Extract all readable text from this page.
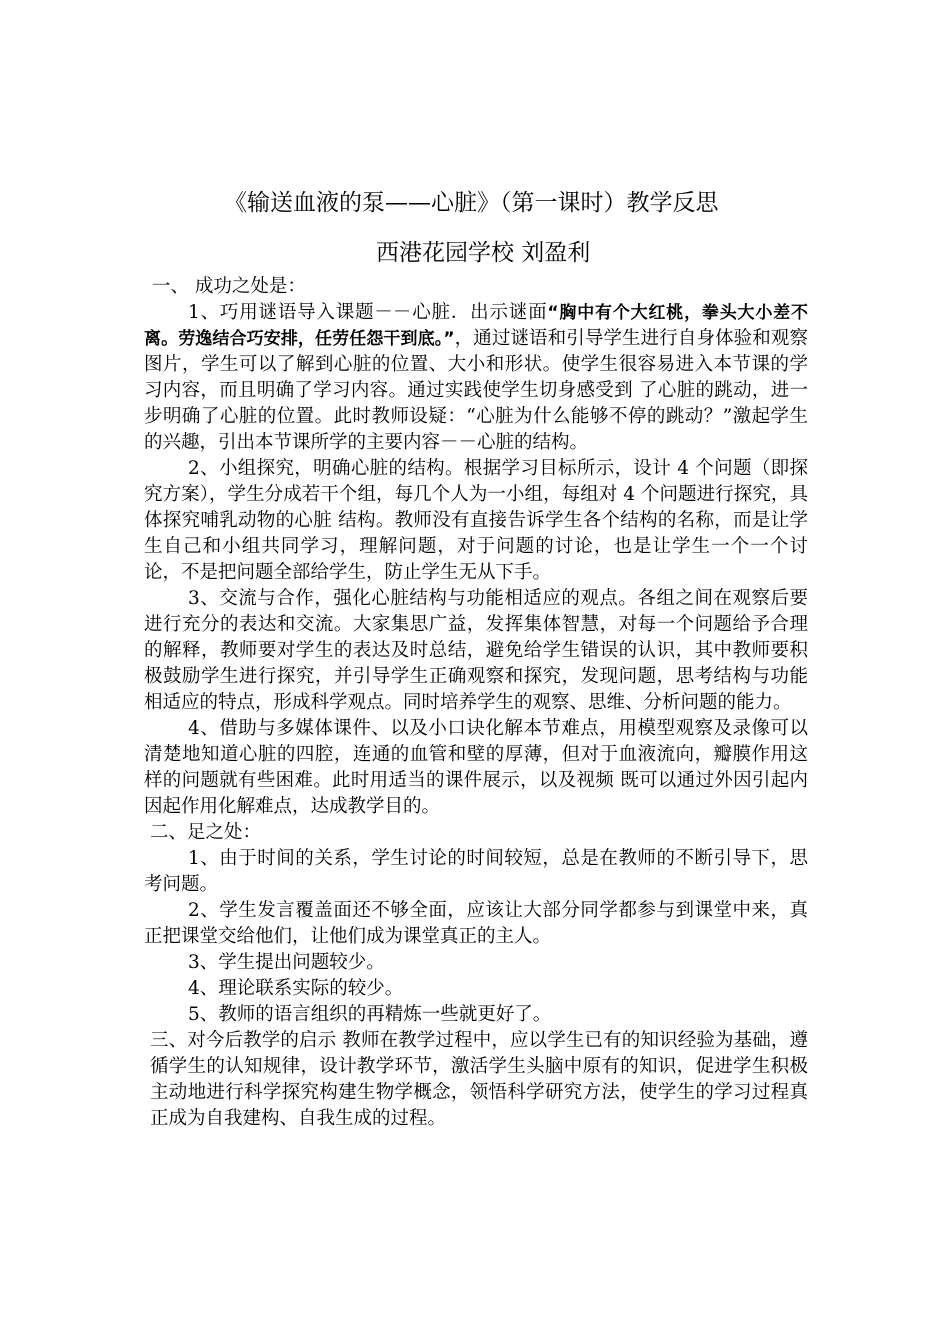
《输送血液的泵——心脏》（第一课时）教学反思
西港花园学校 刘盈利

一、 成功之处是：

1、巧用谜语导入课题－－心脏．出示谜面“胸中有个大红桃，拳头大小差不离。劳逸结合巧安排，任劳任怨干到底。”，通过谜语和引导学生进行自身体验和观察图片，学生可以了解到心脏的位置、大小和形状。使学生很容易进入本节课的学习内容，而且明确了学习内容。通过实践使学生切身感受到 了心脏的跳动，进一步明确了心脏的位置。此时教师设疑：“心脏为什么能够不停的跳动？”激起学生的兴趣，引出本节课所学的主要内容－－心脏的结构。

2、小组探究，明确心脏的结构。根据学习目标所示，设计 4 个问题（即探究方案），学生分成若干个组，每几个人为一小组，每组对 4 个问题进行探究，具体探究哺乳动物的心脏 结构。教师没有直接告诉学生各个结构的名称，而是让学生自己和小组共同学习，理解问题，对于问题的讨论，也是让学生一个一个讨论，不是把问题全部给学生，防止学生无从下手。

3、交流与合作，强化心脏结构与功能相适应的观点。各组之间在观察后要进行充分的表达和交流。大家集思广益，发挥集体智慧，对每一个问题给予合理的解释，教师要对学生的表达及时总结，避免给学生错误的认识，其中教师要积极鼓励学生进行探究，并引导学生正确观察和探究，发现问题，思考结构与功能相适应的特点，形成科学观点。同时培养学生的观察、思维、分析问题的能力。

4、借助与多媒体课件、以及小口诀化解本节难点，用模型观察及录像可以清楚地知道心脏的四腔，连通的血管和壁的厚薄，但对于血液流向，瓣膜作用这样的问题就有些困难。此时用适当的课件展示，以及视频 既可以通过外因引起内因起作用化解难点，达成教学目的。

二、足之处：

1、由于时间的关系，学生讨论的时间较短，总是在教师的不断引导下，思考问题。

2、学生发言覆盖面还不够全面，应该让大部分同学都参与到课堂中来，真正把课堂交给他们，让他们成为课堂真正的主人。

3、学生提出问题较少。

4、理论联系实际的较少。

5、教师的语言组织的再精炼一些就更好了。

三、对今后教学的启示 教师在教学过程中，应以学生已有的知识经验为基础，遵循学生的认知规律，设计教学环节，激活学生头脑中原有的知识，促进学生积极主动地进行科学探究构建生物学概念，领悟科学研究方法，使学生的学习过程真正成为自我建构、自我生成的过程。
